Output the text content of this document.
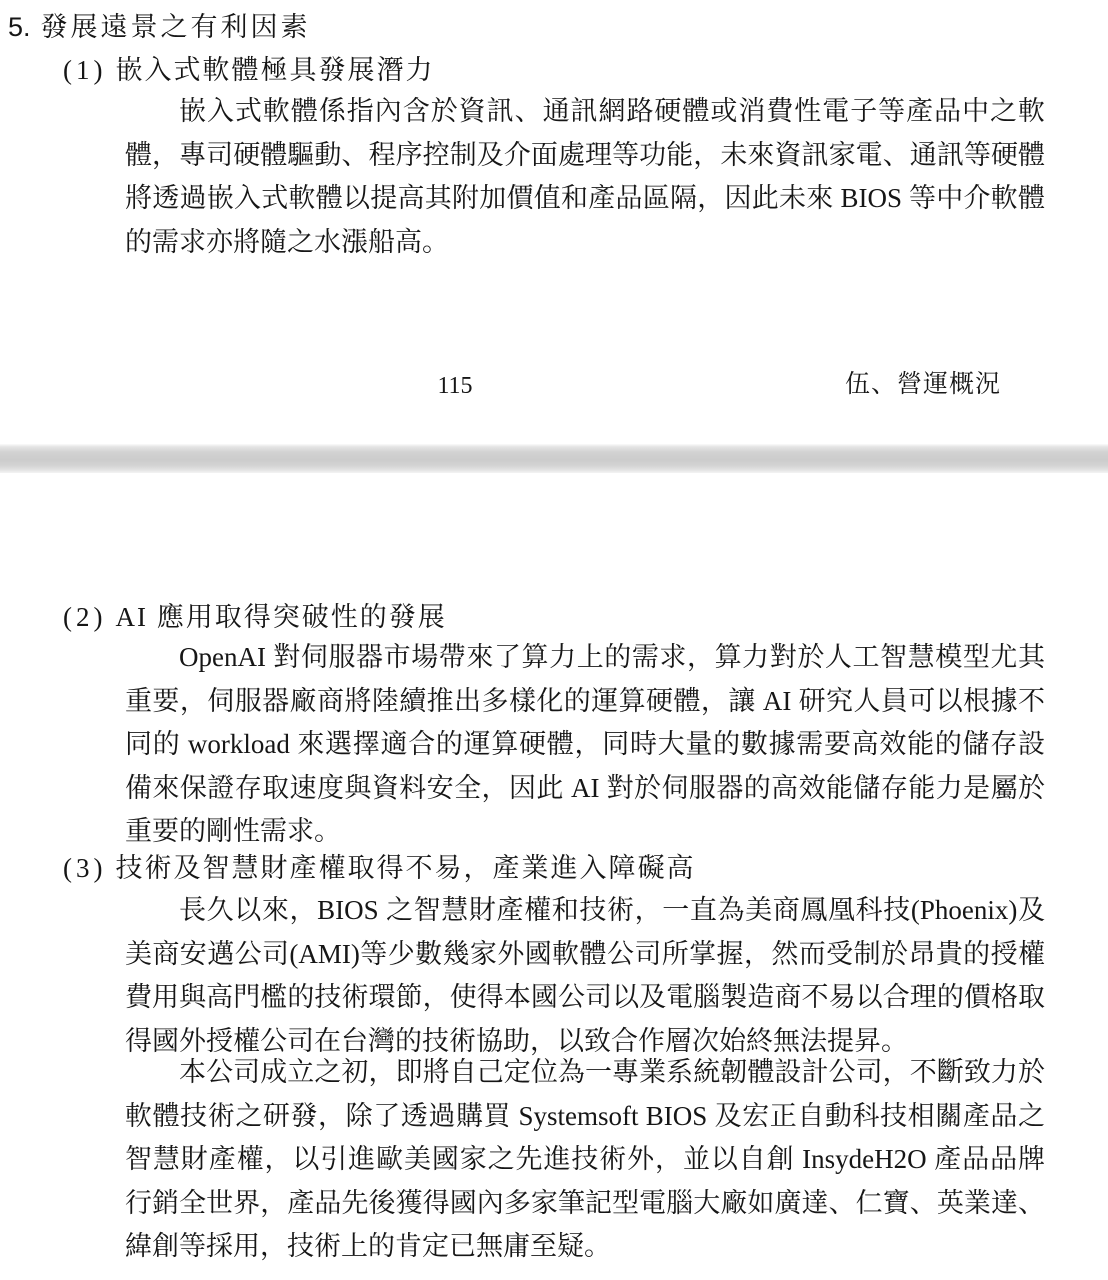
5. 發展遠景之有利因素
(1) 嵌入式軟體極具發展潛力

嵌入式軟體係指內含於資訊、通訊網路硬體或消費性電子等產品中之軟體，專司硬體驅動、程序控制及介面處理等功能，未來資訊家電、通訊等硬體將透過嵌入式軟體以提高其附加價值和產品區隔，因此未來 BIOS 等中介軟體的需求亦將隨之水漲船高。

115	伍、營運概況
(2) AI 應用取得突破性的發展

OpenAI 對伺服器市場帶來了算力上的需求，算力對於人工智慧模型尤其重要，伺服器廠商將陸續推出多樣化的運算硬體，讓 AI 研究人員可以根據不同的 workload 來選擇適合的運算硬體，同時大量的數據需要高效能的儲存設備來保證存取速度與資料安全，因此 AI 對於伺服器的高效能儲存能力是屬於重要的剛性需求。

(3) 技術及智慧財產權取得不易，產業進入障礙高

長久以來，BIOS 之智慧財產權和技術，一直為美商鳳凰科技(Phoenix)及美商安邁公司(AMI)等少數幾家外國軟體公司所掌握，然而受制於昂貴的授權費用與高門檻的技術環節，使得本國公司以及電腦製造商不易以合理的價格取得國外授權公司在台灣的技術協助，以致合作層次始終無法提昇。

本公司成立之初，即將自己定位為一專業系統韌體設計公司，不斷致力於軟體技術之研發，除了透過購買 Systemsoft BIOS 及宏正自動科技相關產品之智慧財產權，以引進歐美國家之先進技術外，並以自創 InsydeH2O 產品品牌行銷全世界，產品先後獲得國內多家筆記型電腦大廠如廣達、仁寶、英業達、緯創等採用，技術上的肯定已無庸至疑。
